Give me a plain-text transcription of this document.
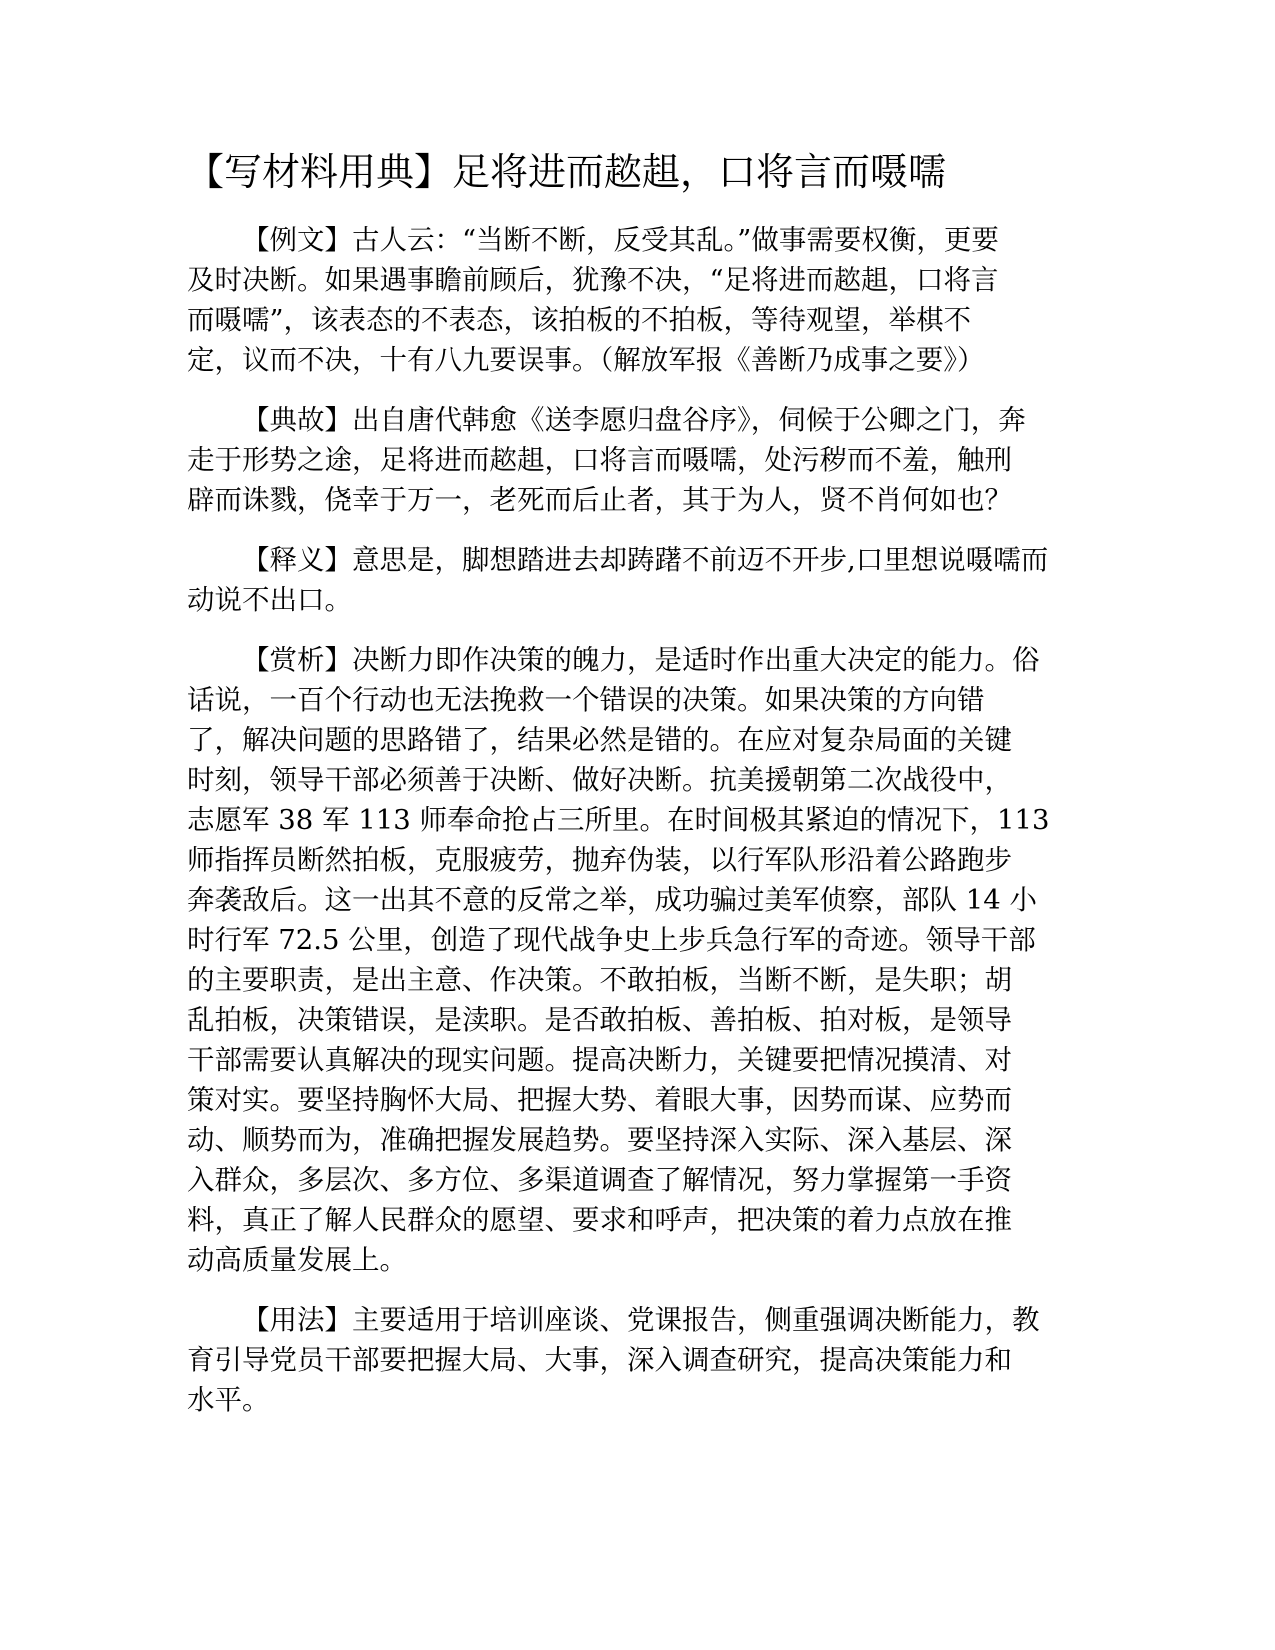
【写材料用典】足将进而趑趄，口将言而嗫嚅
【例文】古人云：“当断不断，反受其乱。”做事需要权衡，更要
及时决断。如果遇事瞻前顾后，犹豫不决，“足将进而趑趄，口将言
而嗫嚅”，该表态的不表态，该拍板的不拍板，等待观望，举棋不
定，议而不决，十有八九要误事。（解放军报《善断乃成事之要》）
【典故】出自唐代韩愈《送李愿归盘谷序》，伺候于公卿之门，奔
走于形势之途，足将进而趑趄，口将言而嗫嚅，处污秽而不羞，触刑
辟而诛戮，侥幸于万一，老死而后止者，其于为人，贤不肖何如也？
【释义】意思是，脚想踏进去却踌躇不前迈不开步,口里想说嗫嚅而
动说不出口。
【赏析】决断力即作决策的魄力，是适时作出重大决定的能力。俗
话说，一百个行动也无法挽救一个错误的决策。如果决策的方向错
了，解决问题的思路错了，结果必然是错的。在应对复杂局面的关键
时刻，领导干部必须善于决断、做好决断。抗美援朝第二次战役中，
志愿军 38 军 113 师奉命抢占三所里。在时间极其紧迫的情况下，113
师指挥员断然拍板，克服疲劳，抛弃伪装，以行军队形沿着公路跑步
奔袭敌后。这一出其不意的反常之举，成功骗过美军侦察，部队 14 小
时行军 72.5 公里，创造了现代战争史上步兵急行军的奇迹。领导干部
的主要职责，是出主意、作决策。不敢拍板，当断不断，是失职；胡
乱拍板，决策错误，是渎职。是否敢拍板、善拍板、拍对板，是领导
干部需要认真解决的现实问题。提高决断力，关键要把情况摸清、对
策对实。要坚持胸怀大局、把握大势、着眼大事，因势而谋、应势而
动、顺势而为，准确把握发展趋势。要坚持深入实际、深入基层、深
入群众，多层次、多方位、多渠道调查了解情况，努力掌握第一手资
料，真正了解人民群众的愿望、要求和呼声，把决策的着力点放在推
动高质量发展上。
【用法】主要适用于培训座谈、党课报告，侧重强调决断能力，教
育引导党员干部要把握大局、大事，深入调查研究，提高决策能力和
水平。
